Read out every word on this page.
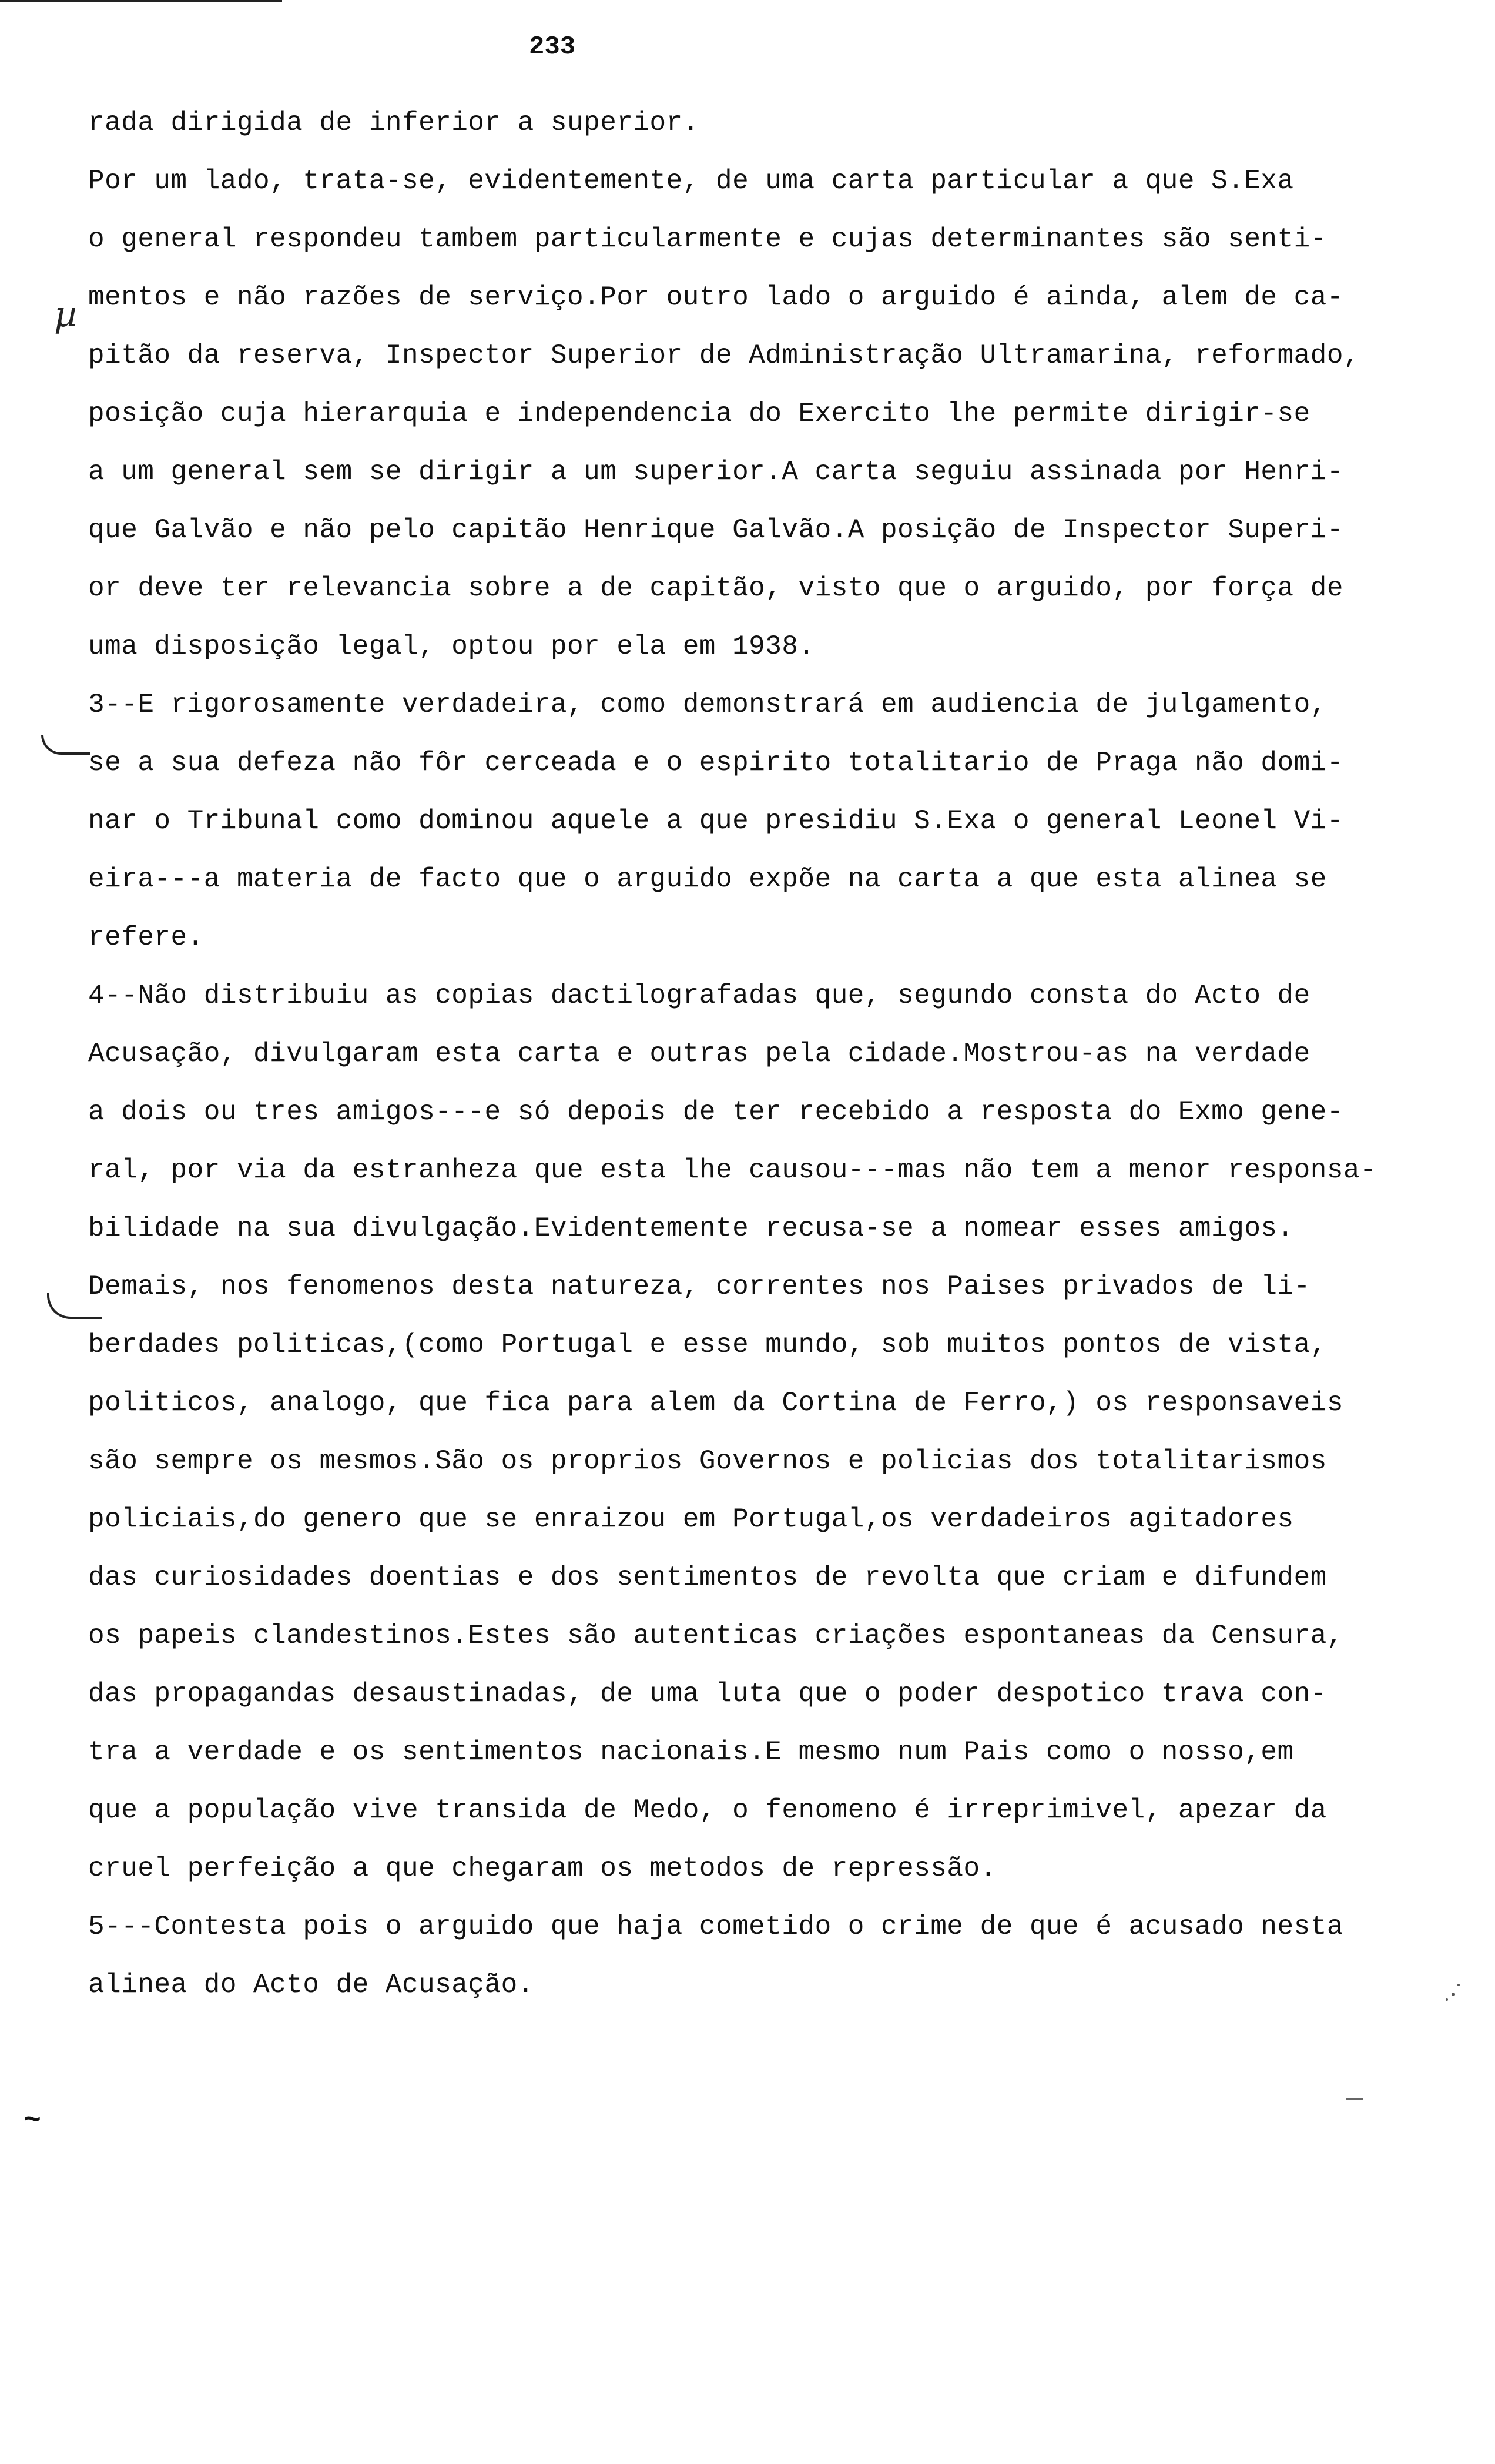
233
µ
~
rada dirigida de inferior a superior.
Por um lado, trata-se, evidentemente, de uma carta particular a que S.Exa
o general respondeu tambem particularmente e cujas determinantes são senti-
mentos e não razões de serviço.Por outro lado o arguido é ainda, alem de ca-
pitão da reserva, Inspector Superior de Administração Ultramarina, reformado,
posição cuja hierarquia e independencia do Exercito lhe permite dirigir-se
a um general sem se dirigir a um superior.A carta seguiu assinada por Henri-
que Galvão e não pelo capitão Henrique Galvão.A posição de Inspector Superi-
or deve ter relevancia sobre a de capitão, visto que o arguido, por força de
uma disposição legal, optou por ela em 1938.
3--E rigorosamente verdadeira, como demonstrará em audiencia de julgamento,
se a sua defeza não fôr cerceada e o espirito totalitario de Praga não domi-
nar o Tribunal como dominou aquele a que presidiu S.Exa o general Leonel Vi-
eira---a materia de facto que o arguido expõe na carta a que esta alinea se
refere.
4--Não distribuiu as copias dactilografadas que, segundo consta do Acto de
Acusação, divulgaram esta carta e outras pela cidade.Mostrou-as na verdade
a dois ou tres amigos---e só depois de ter recebido a resposta do Exmo gene-
ral, por via da estranheza que esta lhe causou---mas não tem a menor responsa-
bilidade na sua divulgação.Evidentemente recusa-se a nomear esses amigos.
Demais, nos fenomenos desta natureza, correntes nos Paises privados de li-
berdades politicas,(como Portugal e esse mundo, sob muitos pontos de vista,
politicos, analogo, que fica para alem da Cortina de Ferro,) os responsaveis
são sempre os mesmos.São os proprios Governos e policias dos totalitarismos
policiais,do genero que se enraizou em Portugal,os verdadeiros agitadores
das curiosidades doentias e dos sentimentos de revolta que criam e difundem
os papeis clandestinos.Estes são autenticas criações espontaneas da Censura,
das propagandas desaustinadas, de uma luta que o poder despotico trava con-
tra a verdade e os sentimentos nacionais.E mesmo num Pais como o nosso,em
que a população vive transida de Medo, o fenomeno é irreprimivel, apezar da
cruel perfeição a que chegaram os metodos de repressão.
5---Contesta pois o arguido que haja cometido o crime de que é acusado nesta
alinea do Acto de Acusação.
